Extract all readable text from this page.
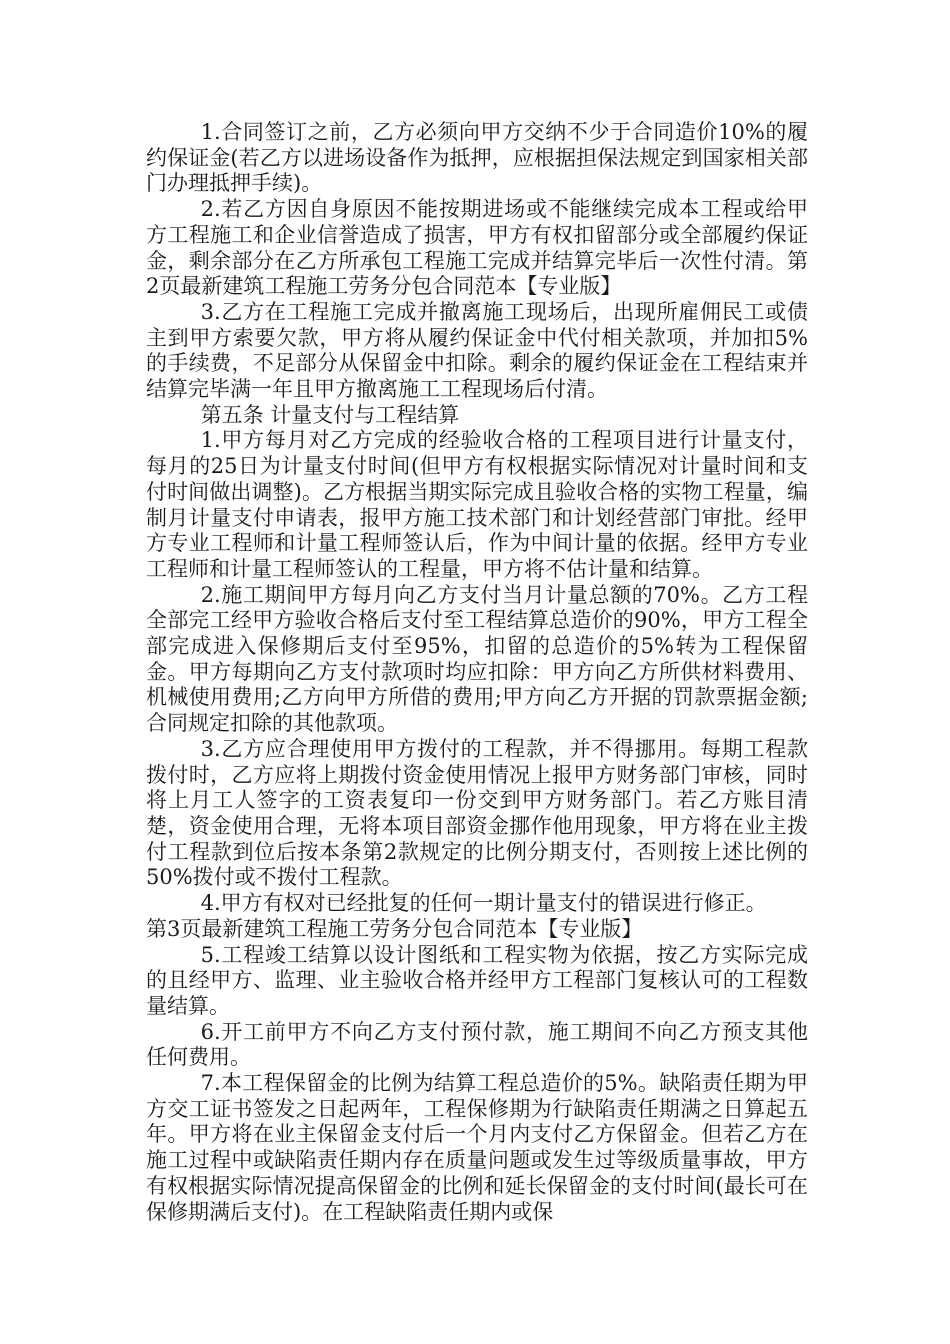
1.合同签订之前，乙方必须向甲方交纳不少于合同造价10%的履约保证金(若乙方以进场设备作为抵押，应根据担保法规定到国家相关部门办理抵押手续)。

2.若乙方因自身原因不能按期进场或不能继续完成本工程或给甲方工程施工和企业信誉造成了损害，甲方有权扣留部分或全部履约保证金，剩余部分在乙方所承包工程施工完成并结算完毕后一次性付清。第2页最新建筑工程施工劳务分包合同范本【专业版】

3.乙方在工程施工完成并撤离施工现场后，出现所雇佣民工或债主到甲方索要欠款，甲方将从履约保证金中代付相关款项，并加扣5%的手续费，不足部分从保留金中扣除。剩余的履约保证金在工程结束并结算完毕满一年且甲方撤离施工工程现场后付清。

第五条 计量支付与工程结算

1.甲方每月对乙方完成的经验收合格的工程项目进行计量支付，每月的25日为计量支付时间(但甲方有权根据实际情况对计量时间和支付时间做出调整)。乙方根据当期实际完成且验收合格的实物工程量，编制月计量支付申请表，报甲方施工技术部门和计划经营部门审批。经甲方专业工程师和计量工程师签认后，作为中间计量的依据。经甲方专业工程师和计量工程师签认的工程量，甲方将不估计量和结算。

2.施工期间甲方每月向乙方支付当月计量总额的70%。乙方工程全部完工经甲方验收合格后支付至工程结算总造价的90%，甲方工程全部完成进入保修期后支付至95%，扣留的总造价的5%转为工程保留金。甲方每期向乙方支付款项时均应扣除：甲方向乙方所供材料费用、机械使用费用;乙方向甲方所借的费用;甲方向乙方开据的罚款票据金额;合同规定扣除的其他款项。

3.乙方应合理使用甲方拨付的工程款，并不得挪用。每期工程款拨付时，乙方应将上期拨付资金使用情况上报甲方财务部门审核，同时将上月工人签字的工资表复印一份交到甲方财务部门。若乙方账目清楚，资金使用合理，无将本项目部资金挪作他用现象，甲方将在业主拨付工程款到位后按本条第2款规定的比例分期支付，否则按上述比例的50%拨付或不拨付工程款。

4.甲方有权对已经批复的任何一期计量支付的错误进行修正。

第3页最新建筑工程施工劳务分包合同范本【专业版】

5.工程竣工结算以设计图纸和工程实物为依据，按乙方实际完成的且经甲方、监理、业主验收合格并经甲方工程部门复核认可的工程数量结算。

6.开工前甲方不向乙方支付预付款，施工期间不向乙方预支其他任何费用。

7.本工程保留金的比例为结算工程总造价的5%。缺陷责任期为甲方交工证书签发之日起两年，工程保修期为行缺陷责任期满之日算起五年。甲方将在业主保留金支付后一个月内支付乙方保留金。但若乙方在施工过程中或缺陷责任期内存在质量问题或发生过等级质量事故，甲方有权根据实际情况提高保留金的比例和延长保留金的支付时间(最长可在保修期满后支付)。在工程缺陷责任期内或保
